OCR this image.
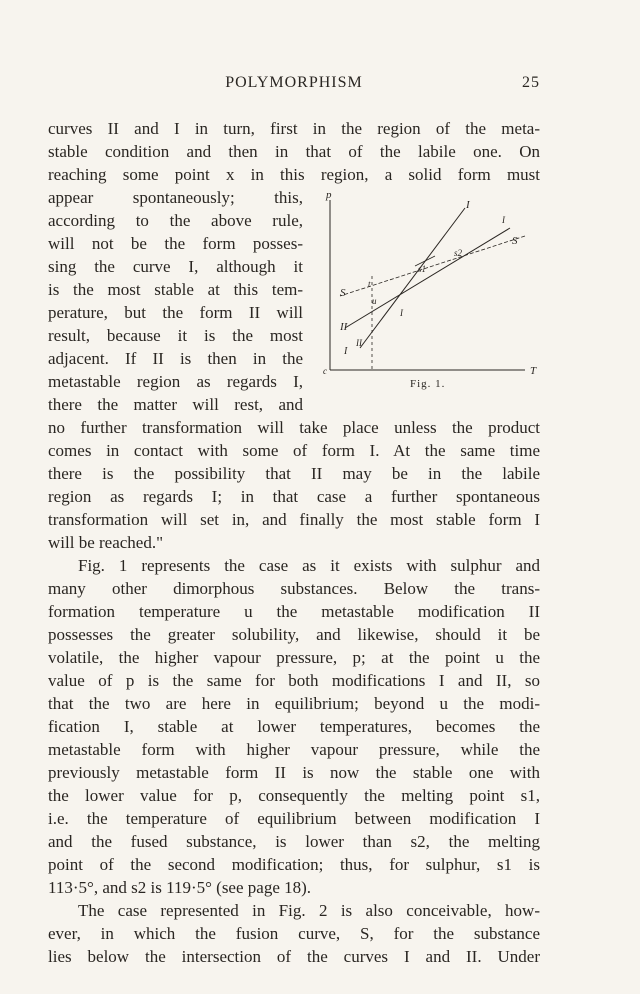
POLYMORPHISM	25
curves II and I in turn, first in the region of the meta-
stable condition and then in that of the labile one. On
reaching some point x in this region, a solid form must
appear spontaneously; this,
according to the above rule,
will not be the form posses-
sing the curve I, although it
is the most stable at this tem-
perature, but the form II will
result, because it is the most
adjacent. If II is then in the
metastable region as regards I,
there the matter will rest, and
no further transformation will take place unless the product
comes in contact with some of form I. At the same time
there is the possibility that II may be in the labile
region as regards I; in that case a further spontaneous
transformation will set in, and finally the most stable form I
will be reached."
Fig. 1 represents the case as it exists with sulphur and
many other dimorphous substances. Below the trans-
formation temperature u the metastable modification II
possesses the greater solubility, and likewise, should it be
volatile, the higher vapour pressure, p; at the point u the
value of p is the same for both modifications I and II, so
that the two are here in equilibrium; beyond u the modi-
fication I, stable at lower temperatures, becomes the
metastable form with higher vapour pressure, while the
previously metastable form II is now the stable one with
the lower value for p, consequently the melting point s1,
i.e. the temperature of equilibrium between modification I
and the fused substance, is lower than s2, the melting
point of the second modification; thus, for sulphur, s1 is
113·5°, and s2 is 119·5° (see page 18).
The case represented in Fig. 2 is also conceivable, how-
ever, in which the fusion curve, S, for the substance
lies below the intersection of the curves I and II. Under
p
T
c
I
I
S
s2
s1
S
t
u
I
II
I
II
Fig. 1.
